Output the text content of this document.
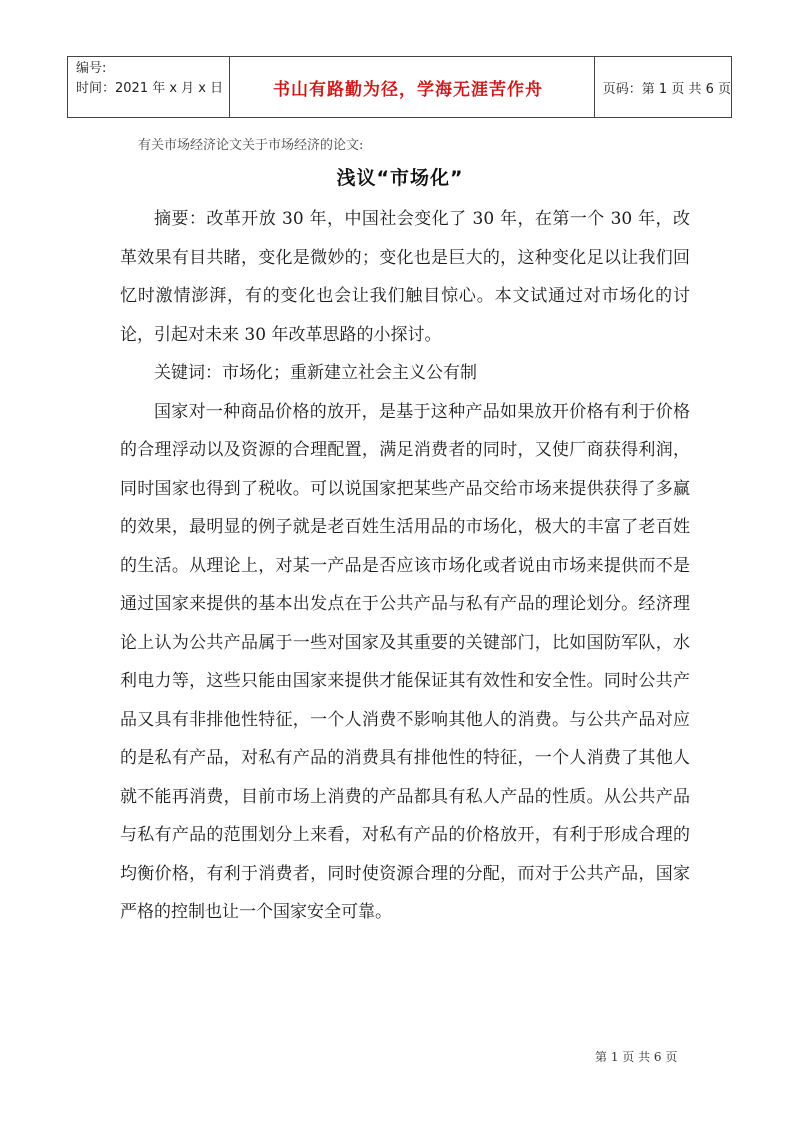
编号:
时间：2021 年 x 月 x 日	书山有路勤为径，学海无涯苦作舟	页码：第 1 页 共 6 页
有关市场经济论文关于市场经济的论文:
浅议“市场化”

摘要：改革开放 30 年，中国社会变化了 30 年，在第一个 30 年，改革效果有目共睹，变化是微妙的；变化也是巨大的，这种变化足以让我们回忆时激情澎湃，有的变化也会让我们触目惊心。本文试通过对市场化的讨论，引起对未来 30 年改革思路的小探讨。

关键词：市场化；重新建立社会主义公有制

国家对一种商品价格的放开，是基于这种产品如果放开价格有利于价格的合理浮动以及资源的合理配置，满足消费者的同时，又使厂商获得利润，同时国家也得到了税收。可以说国家把某些产品交给市场来提供获得了多赢的效果，最明显的例子就是老百姓生活用品的市场化，极大的丰富了老百姓的生活。从理论上，对某一产品是否应该市场化或者说由市场来提供而不是通过国家来提供的基本出发点在于公共产品与私有产品的理论划分。经济理论上认为公共产品属于一些对国家及其重要的关键部门，比如国防军队，水利电力等，这些只能由国家来提供才能保证其有效性和安全性。同时公共产品又具有非排他性特征，一个人消费不影响其他人的消费。与公共产品对应的是私有产品，对私有产品的消费具有排他性的特征，一个人消费了其他人就不能再消费，目前市场上消费的产品都具有私人产品的性质。从公共产品与私有产品的范围划分上来看，对私有产品的价格放开，有利于形成合理的均衡价格，有利于消费者，同时使资源合理的分配，而对于公共产品，国家严格的控制也让一个国家安全可靠。

第 1 页 共 6 页
